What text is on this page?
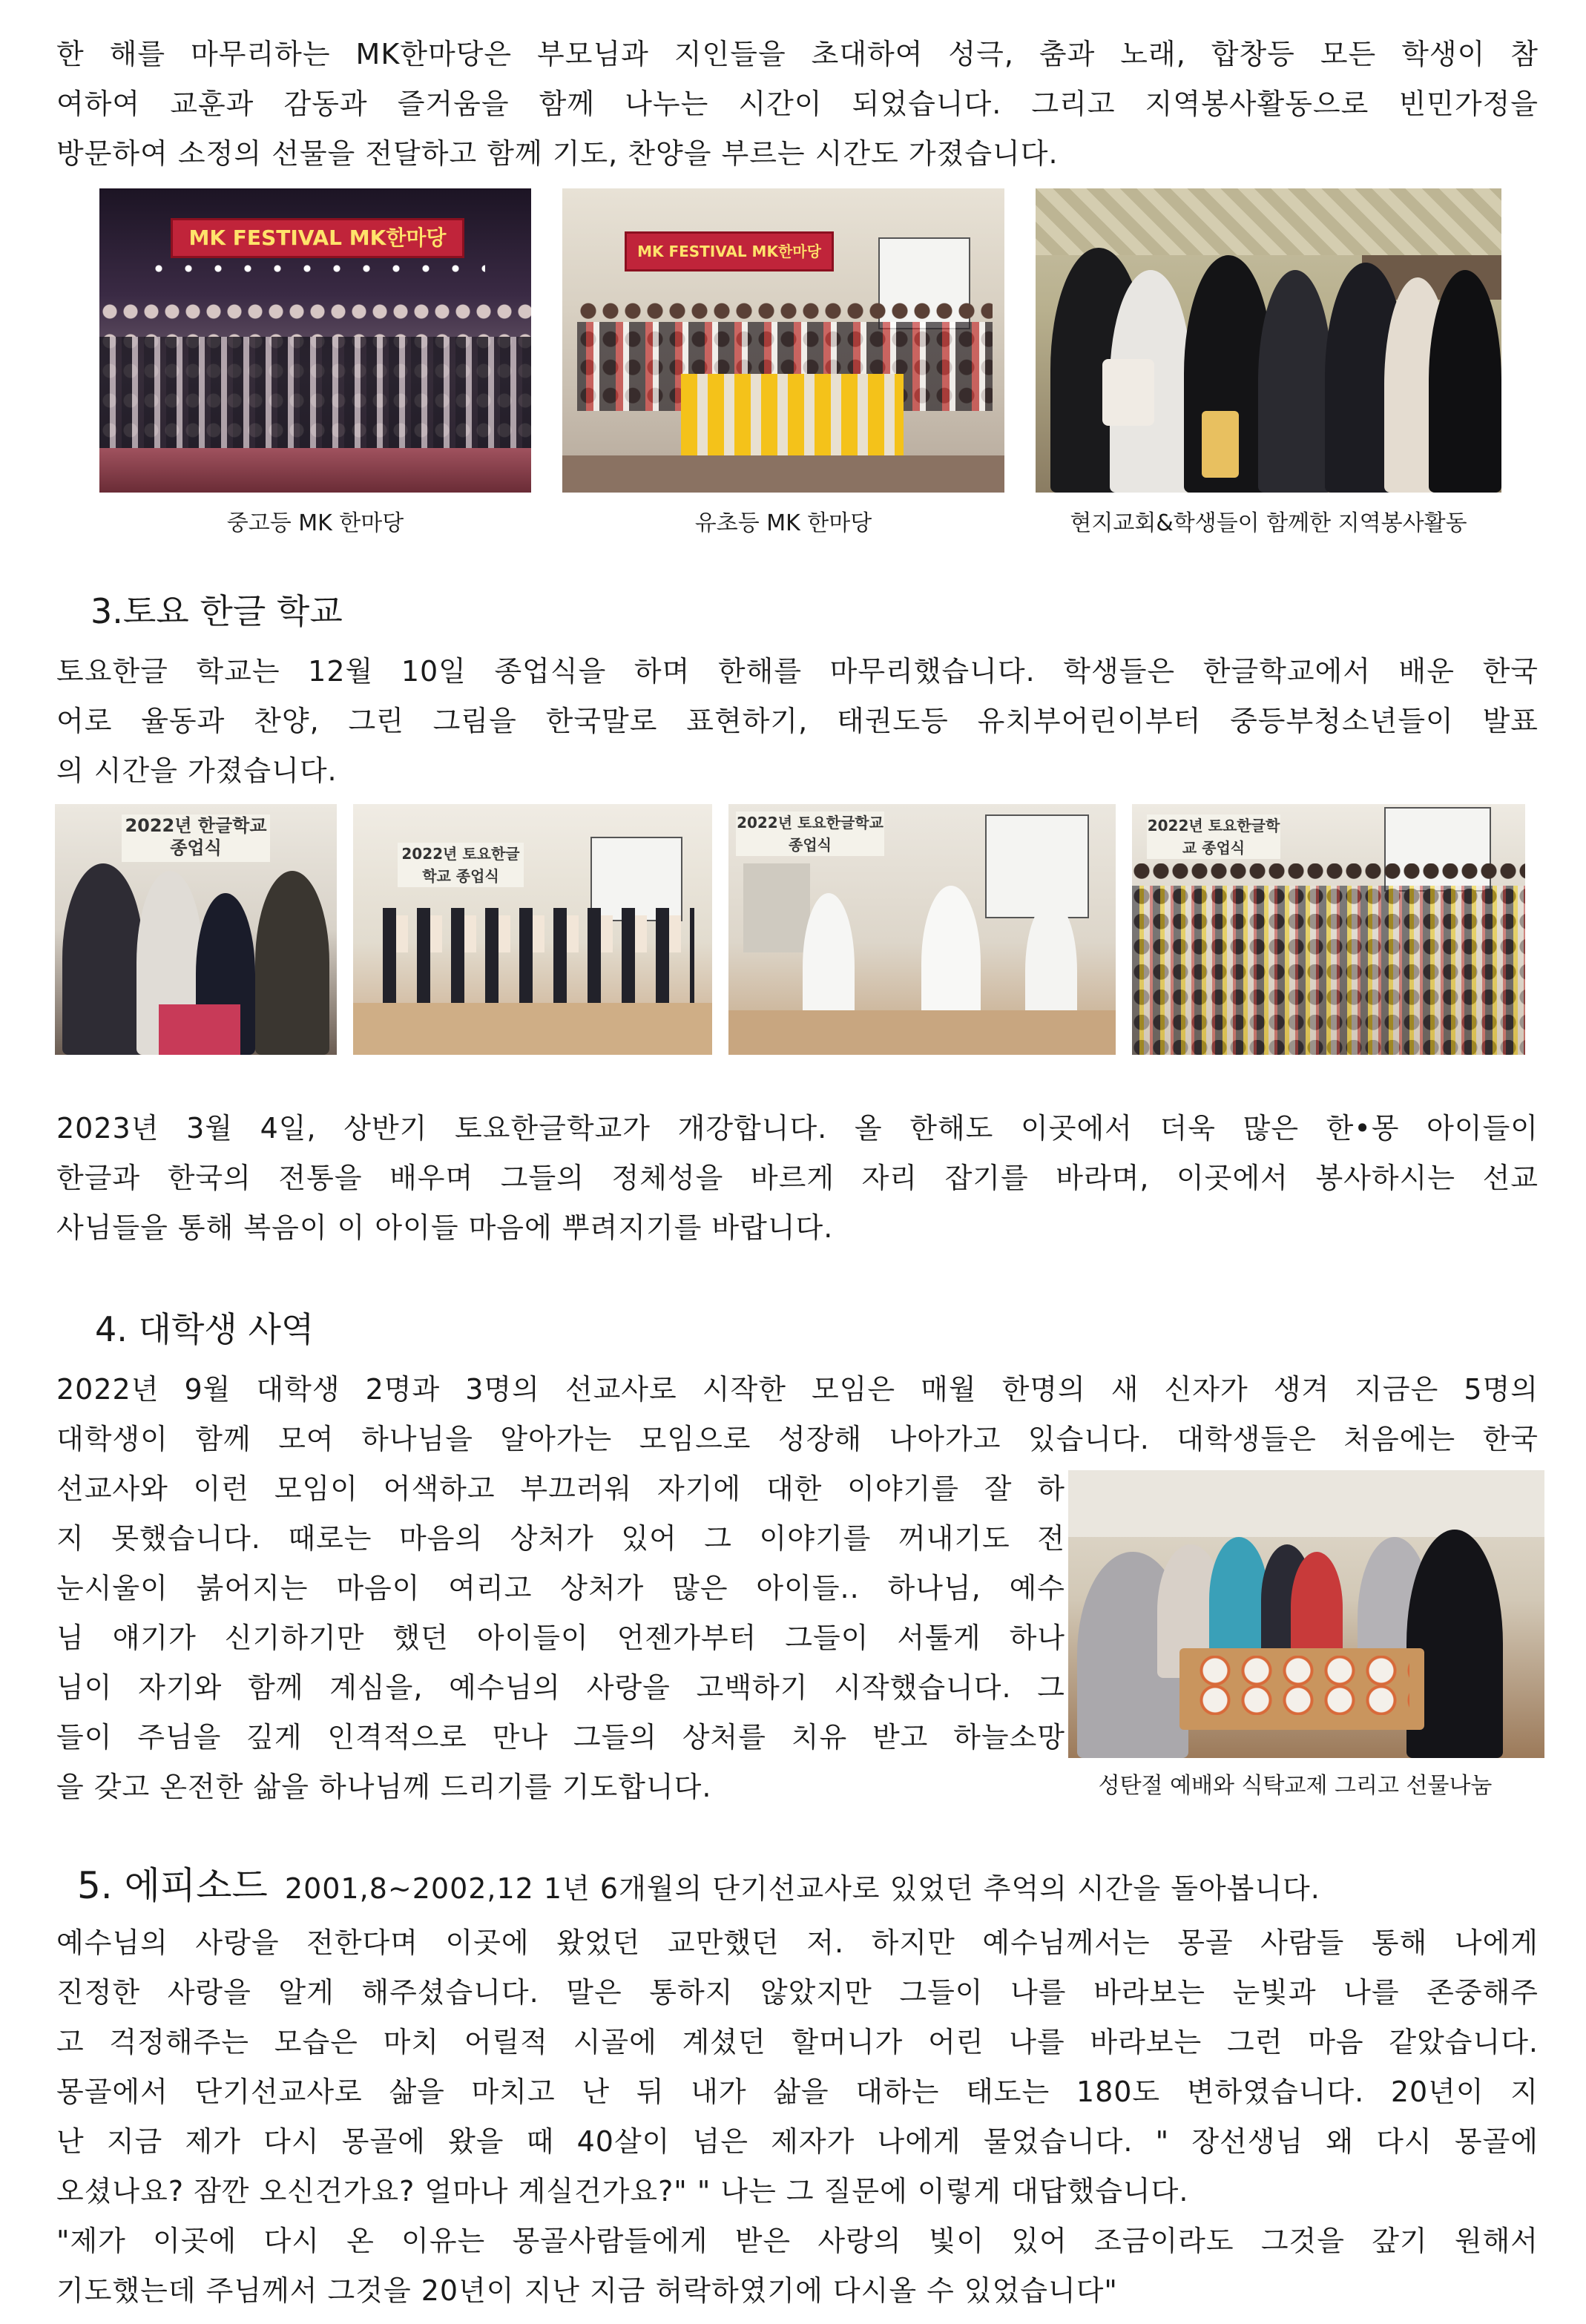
한 해를 마무리하는 MK한마당은 부모님과 지인들을 초대하여 성극, 춤과 노래, 합창등 모든 학생이 참
여하여 교훈과 감동과 즐거움을 함께 나누는 시간이 되었습니다. 그리고 지역봉사활동으로 빈민가정을
방문하여 소정의 선물을 전달하고 함께 기도, 찬양을 부르는 시간도 가졌습니다.
MK FESTIVAL MK한마당
중고등 MK 한마당
MK FESTIVAL MK한마당
유초등 MK 한마당	현지교회&학생들이 함께한 지역봉사활동
3.토요 한글 학교
토요한글 학교는 12월 10일 종업식을 하며 한해를 마무리했습니다. 학생들은 한글학교에서 배운 한국
어로 율동과 찬양, 그린 그림을 한국말로 표현하기, 태권도등 유치부어린이부터 중등부청소년들이 발표
의 시간을 가졌습니다.
2022년 한글학교 종업식	2022년 토요한글학교 종업식
2022년 토요한글학교 종업식
2022년 토요한글학교 종업식
2023년 3월 4일, 상반기 토요한글학교가 개강합니다. 올 한해도 이곳에서 더욱 많은 한•몽 아이들이
한글과 한국의 전통을 배우며 그들의 정체성을 바르게 자리 잡기를 바라며, 이곳에서 봉사하시는 선교
사님들을 통해 복음이 이 아이들 마음에 뿌려지기를 바랍니다.
4. 대학생 사역
2022년 9월 대학생 2명과 3명의 선교사로 시작한 모임은 매월 한명의 새 신자가 생겨 지금은 5명의
대학생이 함께 모여 하나님을 알아가는 모임으로 성장해 나아가고 있습니다. 대학생들은 처음에는 한국
선교사와 이런 모임이 어색하고 부끄러워 자기에 대한 이야기를 잘 하
지 못했습니다. 때로는 마음의 상처가 있어 그 이야기를 꺼내기도 전
눈시울이 붉어지는 마음이 여리고 상처가 많은 아이들.. 하나님, 예수
님 얘기가 신기하기만 했던 아이들이 언젠가부터 그들이 서툴게 하나
님이 자기와 함께 계심을, 예수님의 사랑을 고백하기 시작했습니다. 그
들이 주님을 깊게 인격적으로 만나 그들의 상처를 치유 받고 하늘소망
을 갖고 온전한 삶을 하나님께 드리기를 기도합니다.	성탄절 예배와 식탁교제 그리고 선물나눔
5. 에피소드 2001,8~2002,12 1년 6개월의 단기선교사로 있었던 추억의 시간을 돌아봅니다.
예수님의 사랑을 전한다며 이곳에 왔었던 교만했던 저. 하지만 예수님께서는 몽골 사람들 통해 나에게
진정한 사랑을 알게 해주셨습니다. 말은 통하지 않았지만 그들이 나를 바라보는 눈빛과 나를 존중해주
고 걱정해주는 모습은 마치 어릴적 시골에 계셨던 할머니가 어린 나를 바라보는 그런 마음 같았습니다.
몽골에서 단기선교사로 삶을 마치고 난 뒤 내가 삶을 대하는 태도는 180도 변하였습니다. 20년이 지
난 지금 제가 다시 몽골에 왔을 때 40살이 넘은 제자가 나에게 물었습니다. " 장선생님 왜 다시 몽골에
오셨나요? 잠깐 오신건가요? 얼마나 계실건가요?" " 나는 그 질문에 이렇게 대답했습니다.
"제가 이곳에 다시 온 이유는 몽골사람들에게 받은 사랑의 빛이 있어 조금이라도 그것을 갚기 원해서
기도했는데 주님께서 그것을 20년이 지난 지금 허락하였기에 다시올 수 있었습니다"
